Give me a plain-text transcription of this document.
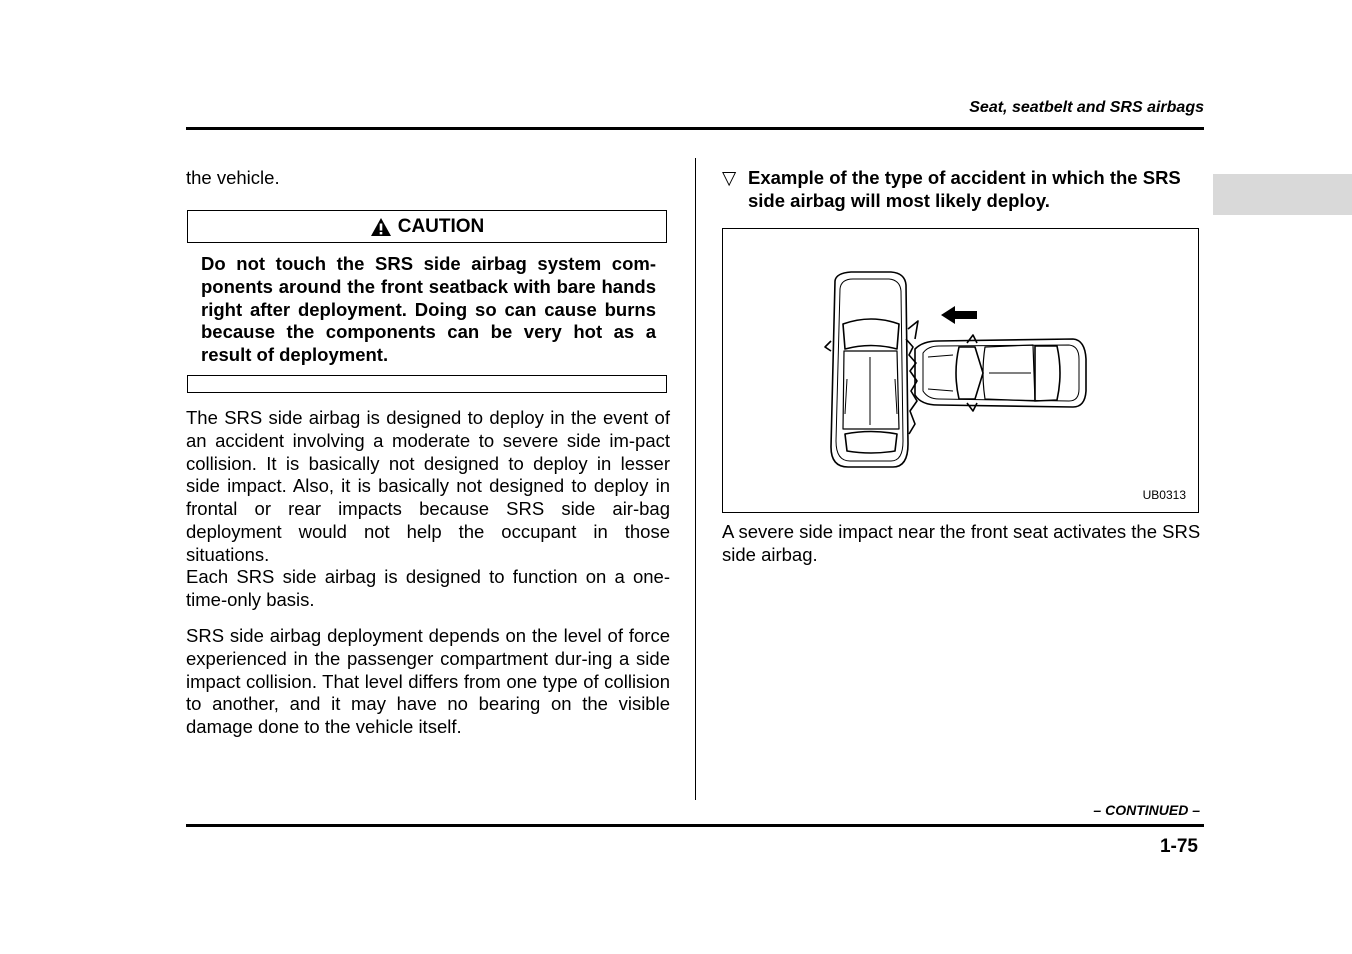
Seat, seatbelt and SRS airbags
the vehicle.
CAUTION
Do not touch the SRS side airbag system com-ponents around the front seatback with bare hands right after deployment. Doing so can cause burns because the components can be very hot as a result of deployment.
The SRS side airbag is designed to deploy in the event of an accident involving a moderate to severe side im-pact collision. It is basically not designed to deploy in lesser side impact. Also, it is basically not designed to deploy in frontal or rear impacts because SRS side air-bag deployment would not help the occupant in those situations.
Each SRS side airbag is designed to function on a one-time-only basis.
SRS side airbag deployment depends on the level of force experienced in the passenger compartment dur-ing a side impact collision. That level differs from one type of collision to another, and it may have no bearing on the visible damage done to the vehicle itself.
▽ Example of the type of accident in which the SRS side airbag will most likely deploy.
UB0313
A severe side impact near the front seat activates the SRS side airbag.
– CONTINUED –
1-75
